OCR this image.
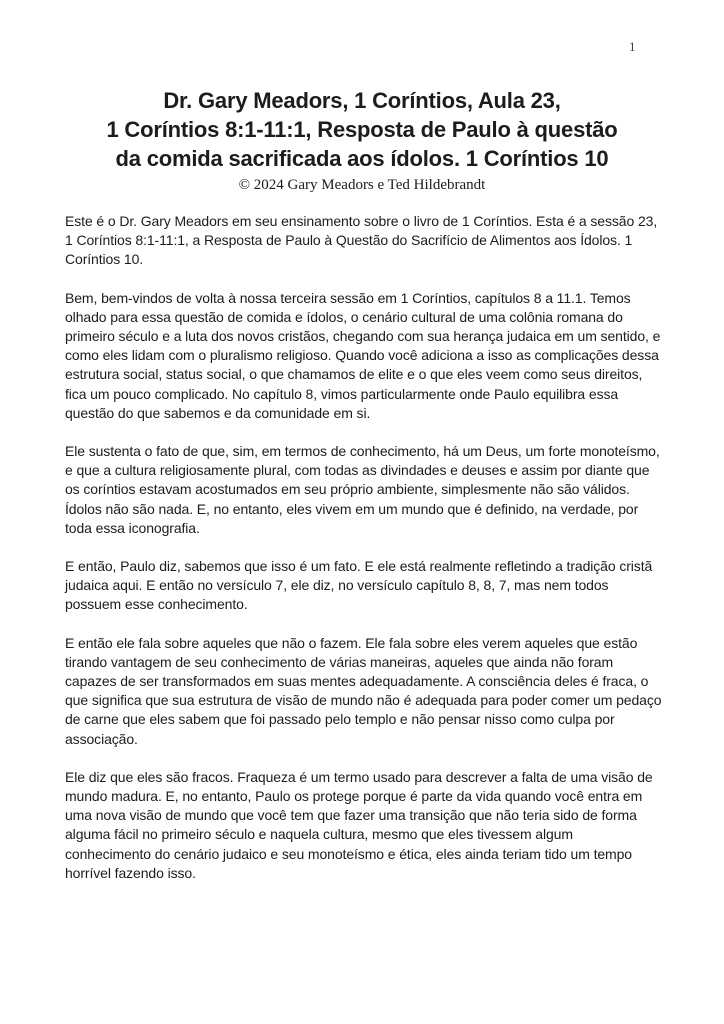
1
Dr. Gary Meadors, 1 Coríntios, Aula 23,
1 Coríntios 8:1-11:1, Resposta de Paulo à questão
da comida sacrificada aos ídolos. 1 Coríntios 10
© 2024 Gary Meadors e Ted Hildebrandt

Este é o Dr. Gary Meadors em seu ensinamento sobre o livro de 1 Coríntios. Esta é a sessão 23, 1 Coríntios 8:1-11:1, a Resposta de Paulo à Questão do Sacrifício de Alimentos aos Ídolos. 1 Coríntios 10.

Bem, bem-vindos de volta à nossa terceira sessão em 1 Coríntios, capítulos 8 a 11.1. Temos olhado para essa questão de comida e ídolos, o cenário cultural de uma colônia romana do primeiro século e a luta dos novos cristãos, chegando com sua herança judaica em um sentido, e como eles lidam com o pluralismo religioso. Quando você adiciona a isso as complicações dessa estrutura social, status social, o que chamamos de elite e o que eles veem como seus direitos, fica um pouco complicado. No capítulo 8, vimos particularmente onde Paulo equilibra essa questão do que sabemos e da comunidade em si.

Ele sustenta o fato de que, sim, em termos de conhecimento, há um Deus, um forte monoteísmo, e que a cultura religiosamente plural, com todas as divindades e deuses e assim por diante que os coríntios estavam acostumados em seu próprio ambiente, simplesmente não são válidos. Ídolos não são nada. E, no entanto, eles vivem em um mundo que é definido, na verdade, por toda essa iconografia.

E então, Paulo diz, sabemos que isso é um fato. E ele está realmente refletindo a tradição cristã judaica aqui. E então no versículo 7, ele diz, no versículo capítulo 8, 8, 7, mas nem todos possuem esse conhecimento.

E então ele fala sobre aqueles que não o fazem. Ele fala sobre eles verem aqueles que estão tirando vantagem de seu conhecimento de várias maneiras, aqueles que ainda não foram capazes de ser transformados em suas mentes adequadamente. A consciência deles é fraca, o que significa que sua estrutura de visão de mundo não é adequada para poder comer um pedaço de carne que eles sabem que foi passado pelo templo e não pensar nisso como culpa por associação.

Ele diz que eles são fracos. Fraqueza é um termo usado para descrever a falta de uma visão de mundo madura. E, no entanto, Paulo os protege porque é parte da vida quando você entra em uma nova visão de mundo que você tem que fazer uma transição que não teria sido de forma alguma fácil no primeiro século e naquela cultura, mesmo que eles tivessem algum conhecimento do cenário judaico e seu monoteísmo e ética, eles ainda teriam tido um tempo horrível fazendo isso.
